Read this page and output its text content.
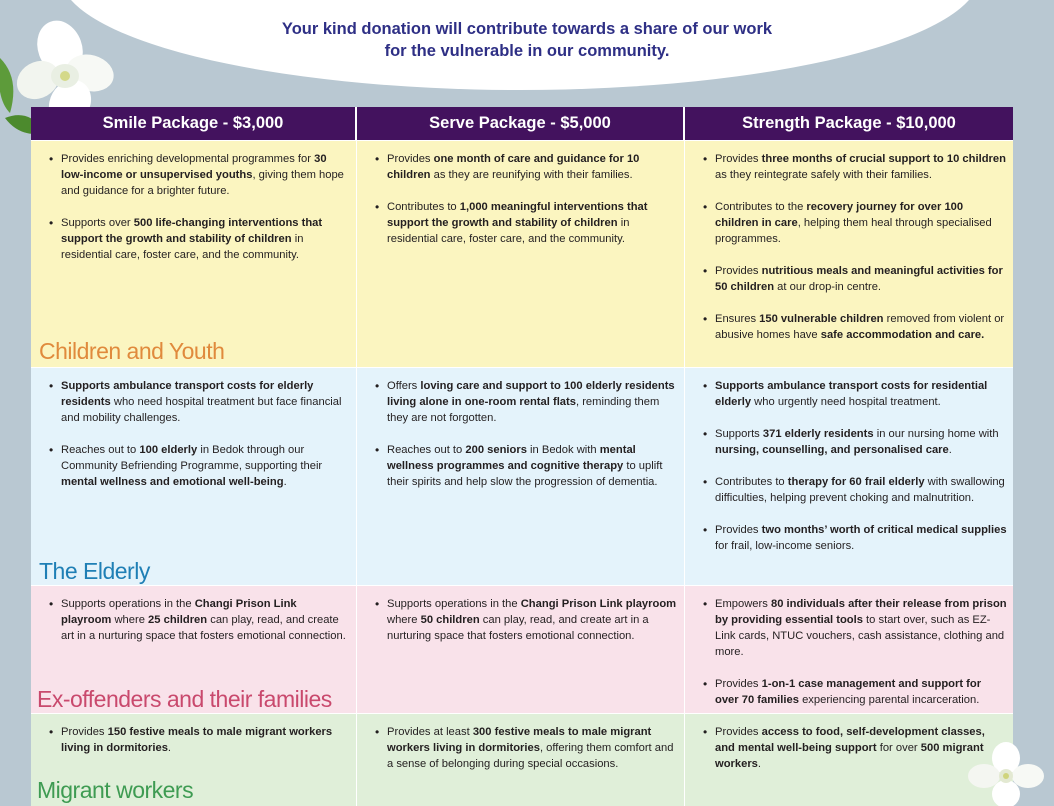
Your kind donation will contribute towards a share of our work
for the vulnerable in our community.
Smile Package - $3,000	Serve Package - $5,000	Strength Package - $10,000
• Provides enriching developmental programmes for 30 low-income or unsupervised youths, giving them hope and guidance for a brighter future.
• Supports over 500 life-changing interventions that support the growth and stability of children in residential care, foster care, and the community.
Children and Youth
• Provides one month of care and guidance for 10 children as they are reunifying with their families.
• Contributes to 1,000 meaningful interventions that support the growth and stability of children in residential care, foster care, and the community.
• Provides three months of crucial support to 10 children as they reintegrate safely with their families.
• Contributes to the recovery journey for over 100 children in care, helping them heal through specialised programmes.
• Provides nutritious meals and meaningful activities for 50 children at our drop-in centre.
• Ensures 150 vulnerable children removed from violent or abusive homes have safe accommodation and care.
• Supports ambulance transport costs for elderly residents who need hospital treatment but face financial and mobility challenges.
• Reaches out to 100 elderly in Bedok through our Community Befriending Programme, supporting their mental wellness and emotional well-being.
The Elderly
• Offers loving care and support to 100 elderly residents living alone in one-room rental flats, reminding them they are not forgotten.
• Reaches out to 200 seniors in Bedok with mental wellness programmes and cognitive therapy to uplift their spirits and help slow the progression of dementia.
• Supports ambulance transport costs for residential elderly who urgently need hospital treatment.
• Supports 371 elderly residents in our nursing home with nursing, counselling, and personalised care.
• Contributes to therapy for 60 frail elderly with swallowing difficulties, helping prevent choking and malnutrition.
• Provides two months’ worth of critical medical supplies for frail, low-income seniors.
• Supports operations in the Changi Prison Link playroom where 25 children can play, read, and create art in a nurturing space that fosters emotional connection.
Ex-offenders and their families
• Supports operations in the Changi Prison Link playroom where 50 children can play, read, and create art in a nurturing space that fosters emotional connection.
• Empowers 80 individuals after their release from prison by providing essential tools to start over, such as EZ-Link cards, NTUC vouchers, cash assistance, clothing and more.
• Provides 1-on-1 case management and support for over 70 families experiencing parental incarceration.
• Provides 150 festive meals to male migrant workers living in dormitories.
Migrant workers
• Provides at least 300 festive meals to male migrant workers living in dormitories, offering them comfort and a sense of belonging during special occasions.
• Provides access to food, self-development classes, and mental well-being support for over 500 migrant workers.
